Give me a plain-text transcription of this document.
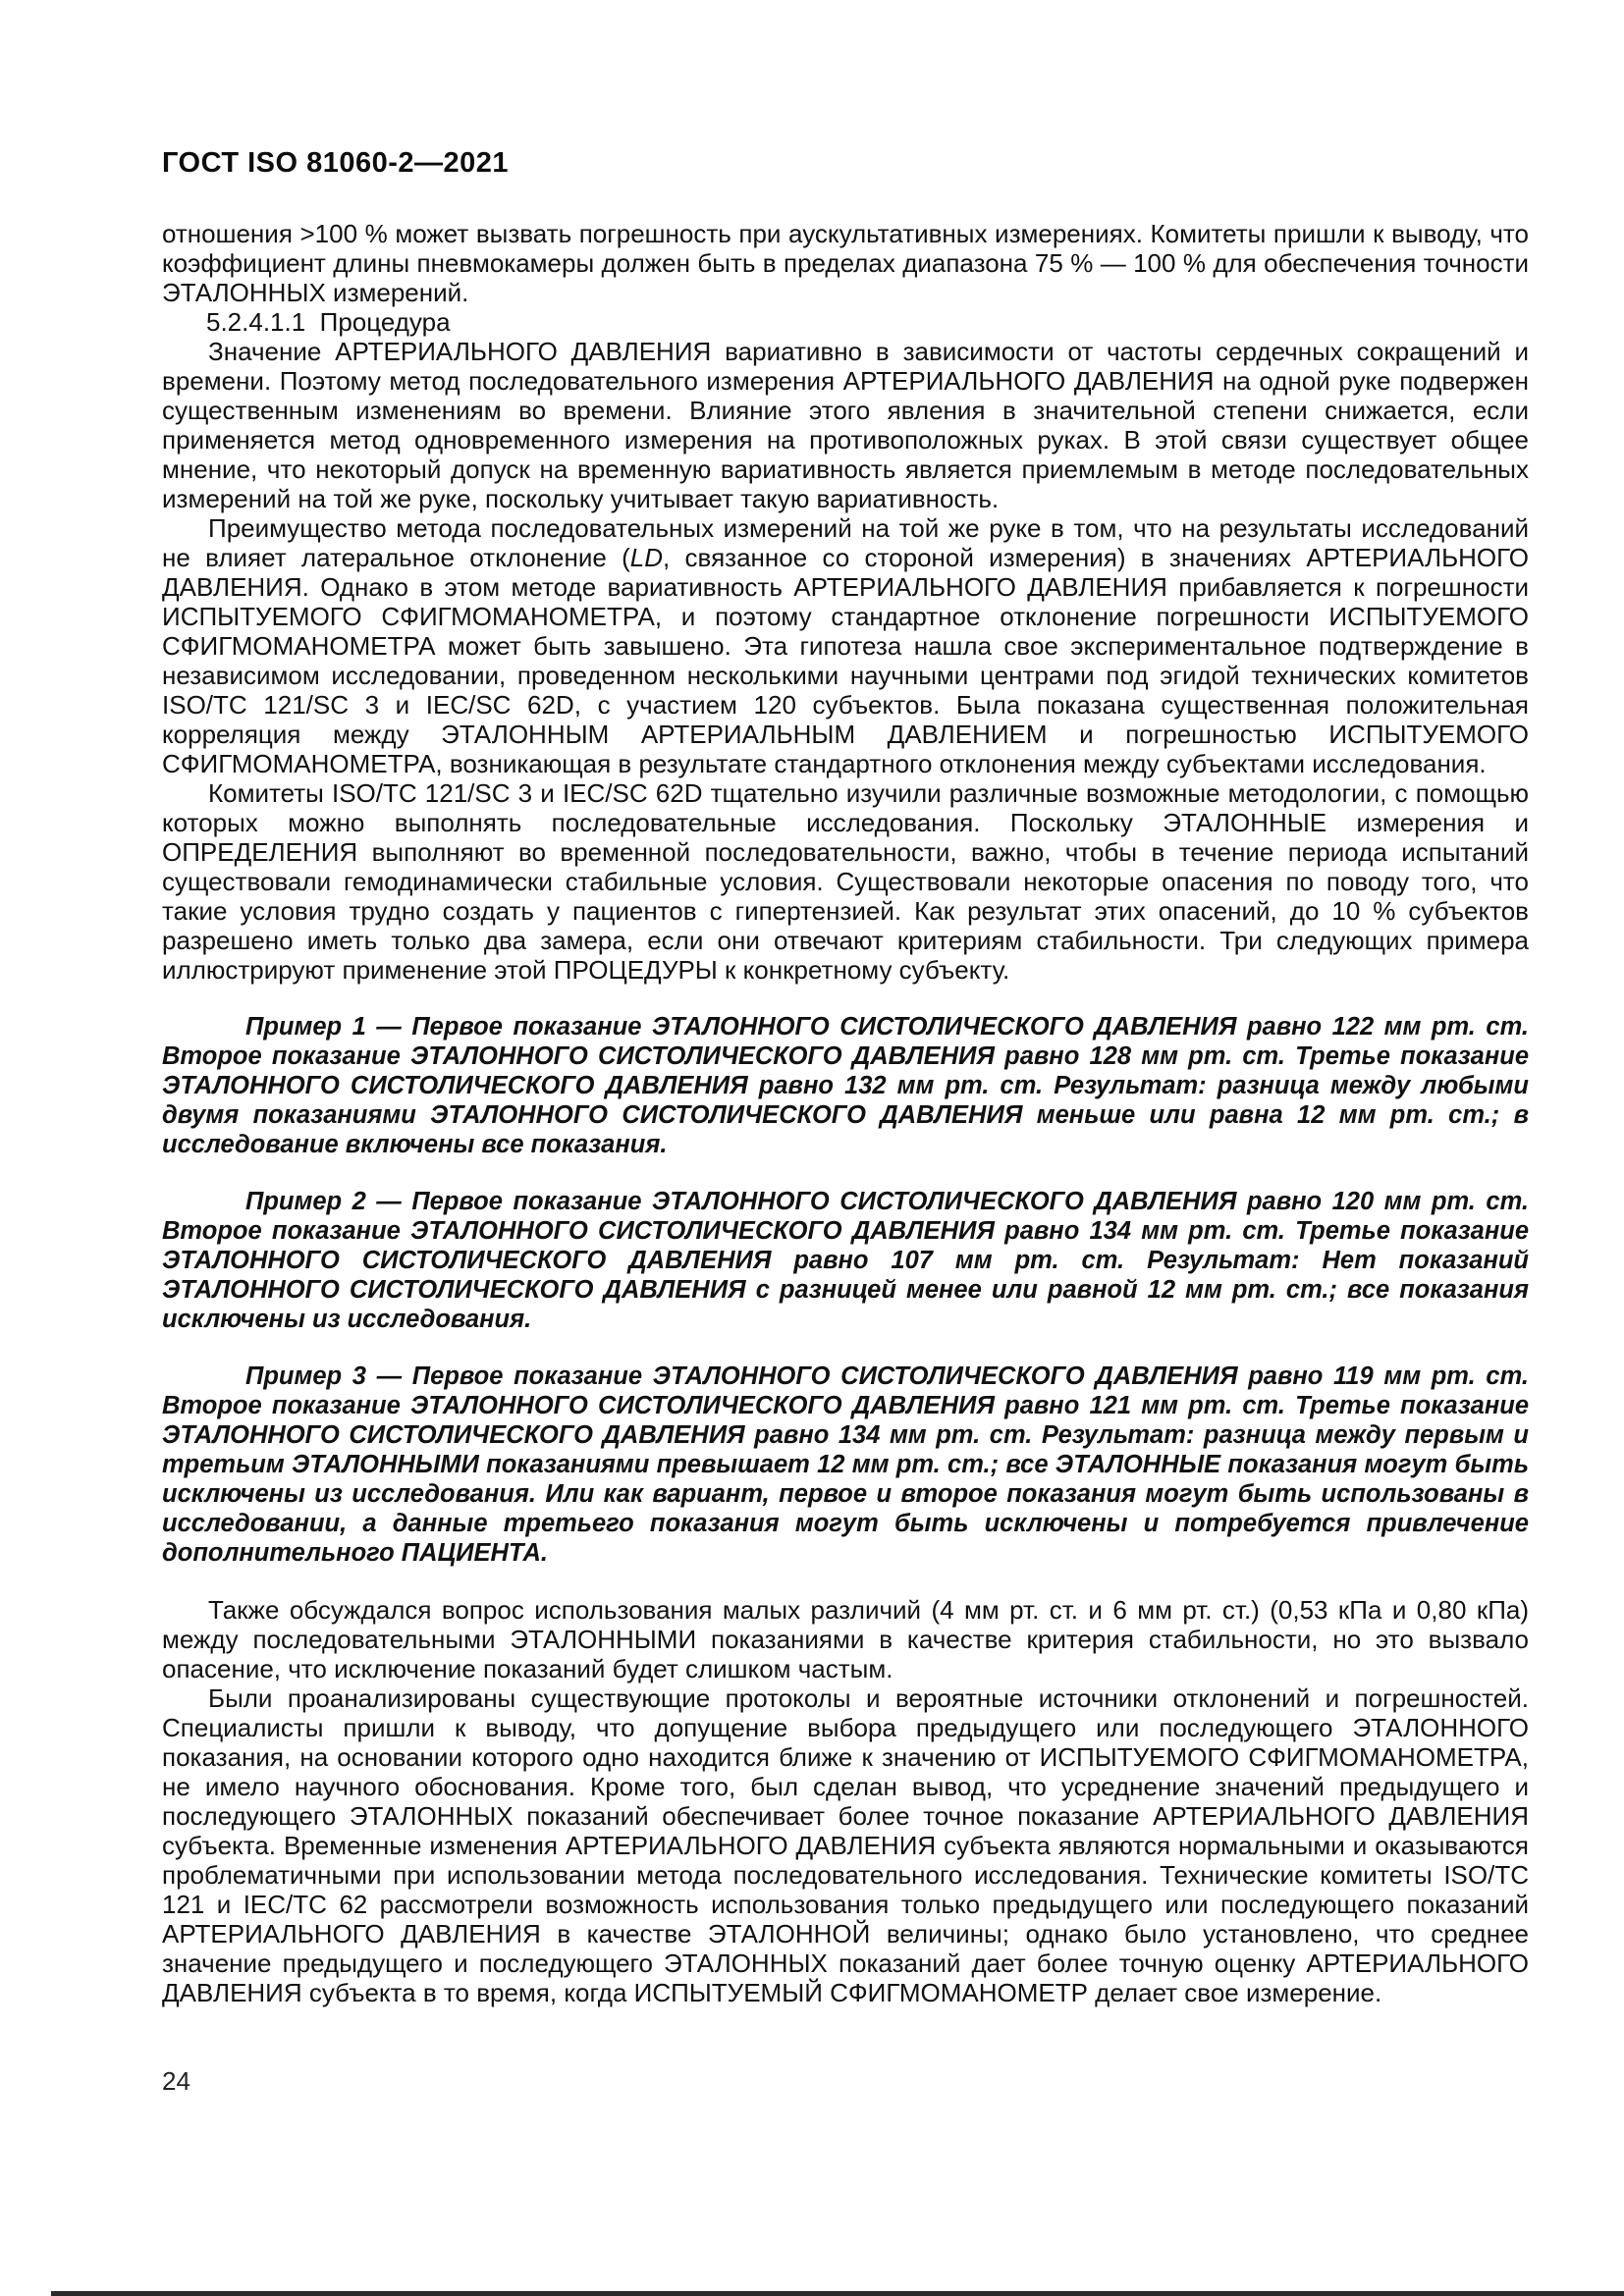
ГОСТ ISO 81060-2—2021

отношения >100 % может вызвать погрешность при аускультативных измерениях. Комитеты пришли к выводу, что коэффициент длины пневмокамеры должен быть в пределах диапазона 75 % — 100 % для обеспечения точности ЭТАЛОННЫХ измерений.

5.2.4.1.1  Процедура

Значение АРТЕРИАЛЬНОГО ДАВЛЕНИЯ вариативно в зависимости от частоты сердечных сокращений и времени. Поэтому метод последовательного измерения АРТЕРИАЛЬНОГО ДАВЛЕНИЯ на одной руке подвержен существенным изменениям во времени. Влияние этого явления в значительной степени снижается, если применяется метод одновременного измерения на противоположных руках. В этой связи существует общее мнение, что некоторый допуск на временную вариативность является приемлемым в методе последовательных измерений на той же руке, поскольку учитывает такую вариативность.

Преимущество метода последовательных измерений на той же руке в том, что на результаты исследований не влияет латеральное отклонение (LD, связанное со стороной измерения) в значениях АРТЕРИАЛЬНОГО ДАВЛЕНИЯ. Однако в этом методе вариативность АРТЕРИАЛЬНОГО ДАВЛЕНИЯ прибавляется к погрешности ИСПЫТУЕМОГО СФИГМОМАНОМЕТРА, и поэтому стандартное отклонение погрешности ИСПЫТУЕМОГО СФИГМОМАНОМЕТРА может быть завышено. Эта гипотеза нашла свое экспериментальное подтверждение в независимом исследовании, проведенном несколькими научными центрами под эгидой технических комитетов ISO/TC 121/SC 3 и IEC/SC 62D, с участием 120 субъектов. Была показана существенная положительная корреляция между ЭТАЛОННЫМ АРТЕРИАЛЬНЫМ ДАВЛЕНИЕМ и погрешностью ИСПЫТУЕМОГО СФИГМОМАНОМЕТРА, возникающая в результате стандартного отклонения между субъектами исследования.

Комитеты ISO/TC 121/SC 3 и IEC/SC 62D тщательно изучили различные возможные методологии, с помощью которых можно выполнять последовательные исследования. Поскольку ЭТАЛОННЫЕ измерения и ОПРЕДЕЛЕНИЯ выполняют во временной последовательности, важно, чтобы в течение периода испытаний существовали гемодинамически стабильные условия. Существовали некоторые опасения по поводу того, что такие условия трудно создать у пациентов с гипертензией. Как результат этих опасений, до 10 % субъектов разрешено иметь только два замера, если они отвечают критериям стабильности. Три следующих примера иллюстрируют применение этой ПРОЦЕДУРЫ к конкретному субъекту.

Пример 1 — Первое показание ЭТАЛОННОГО СИСТОЛИЧЕСКОГО ДАВЛЕНИЯ равно 122 мм рт. ст. Второе показание ЭТАЛОННОГО СИСТОЛИЧЕСКОГО ДАВЛЕНИЯ равно 128 мм рт. ст. Третье показание ЭТАЛОННОГО СИСТОЛИЧЕСКОГО ДАВЛЕНИЯ равно 132 мм рт. ст. Результат: разница между любыми двумя показаниями ЭТАЛОННОГО СИСТОЛИЧЕСКОГО ДАВЛЕНИЯ меньше или равна 12 мм рт. ст.; в исследование включены все показания.

Пример 2 — Первое показание ЭТАЛОННОГО СИСТОЛИЧЕСКОГО ДАВЛЕНИЯ равно 120 мм рт. ст. Второе показание ЭТАЛОННОГО СИСТОЛИЧЕСКОГО ДАВЛЕНИЯ равно 134 мм рт. ст. Третье показание ЭТАЛОННОГО СИСТОЛИЧЕСКОГО ДАВЛЕНИЯ равно 107 мм рт. ст. Результат: Нет показаний ЭТАЛОННОГО СИСТОЛИЧЕСКОГО ДАВЛЕНИЯ с разницей менее или равной 12 мм рт. ст.; все показания исключены из исследования.

Пример 3 — Первое показание ЭТАЛОННОГО СИСТОЛИЧЕСКОГО ДАВЛЕНИЯ равно 119 мм рт. ст. Второе показание ЭТАЛОННОГО СИСТОЛИЧЕСКОГО ДАВЛЕНИЯ равно 121 мм рт. ст. Третье показание ЭТАЛОННОГО СИСТОЛИЧЕСКОГО ДАВЛЕНИЯ равно 134 мм рт. ст. Результат: разница между первым и третьим ЭТАЛОННЫМИ показаниями превышает 12 мм рт. ст.; все ЭТАЛОННЫЕ показания могут быть исключены из исследования. Или как вариант, первое и второе показания могут быть использованы в исследовании, а данные третьего показания могут быть исключены и потребуется привлечение дополнительного ПАЦИЕНТА.

Также обсуждался вопрос использования малых различий (4 мм рт. ст. и 6 мм рт. ст.) (0,53 кПа и 0,80 кПа) между последовательными ЭТАЛОННЫМИ показаниями в качестве критерия стабильности, но это вызвало опасение, что исключение показаний будет слишком частым.

Были проанализированы существующие протоколы и вероятные источники отклонений и погрешностей. Специалисты пришли к выводу, что допущение выбора предыдущего или последующего ЭТАЛОННОГО показания, на основании которого одно находится ближе к значению от ИСПЫТУЕМОГО СФИГМОМАНОМЕТРА, не имело научного обоснования. Кроме того, был сделан вывод, что усреднение значений предыдущего и последующего ЭТАЛОННЫХ показаний обеспечивает более точное показание АРТЕРИАЛЬНОГО ДАВЛЕНИЯ субъекта. Временные изменения АРТЕРИАЛЬНОГО ДАВЛЕНИЯ субъекта являются нормальными и оказываются проблематичными при использовании метода последовательного исследования. Технические комитеты ISO/TC 121 и IEC/TC 62 рассмотрели возможность использования только предыдущего или последующего показаний АРТЕРИАЛЬНОГО ДАВЛЕНИЯ в качестве ЭТАЛОННОЙ величины; однако было установлено, что среднее значение предыдущего и последующего ЭТАЛОННЫХ показаний дает более точную оценку АРТЕРИАЛЬНОГО ДАВЛЕНИЯ субъекта в то время, когда ИСПЫТУЕМЫЙ СФИГМОМАНОМЕТР делает свое измерение.

24
